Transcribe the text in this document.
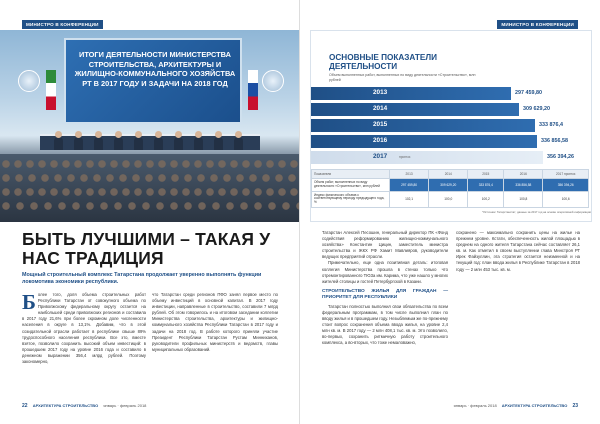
МИНИСТРО В КОНФЕРЕНЦИИ
ИТОГИ ДЕЯТЕЛЬНОСТИ МИНИСТЕРСТВА СТРОИТЕЛЬСТВА, АРХИТЕКТУРЫ И ЖИЛИЩНО-КОММУНАЛЬНОГО ХОЗЯЙСТВА РТ В 2017 ГОДУ И ЗАДАЧИ НА 2018 ГОД
БЫТЬ ЛУЧШИМИ – ТАКАЯ У НАС ТРАДИЦИЯ
Мощный строительный комплекс Татарстана продолжает уверенно выполнять функции локомотива экономики республики.
Более того, доля объема строительных работ Республики Татарстан от совокупного объема по Приволжскому федеральному округу остается на наибольшей среди приволжских регионов и составила в 2017 году 21,6% при более скромном доле численности населения в округе в 13,1%. Добавим, что в этой созидательной отрасли работает в республике свыше 89% трудоспособного населения республики. Все это, вместе взятое, позволило сохранить высокий объем инвестиций: в прошедшем 2017 году на уровне 2016 года и составило в денежном выражении 356,4 млрд рублей. Поэтому закономерно,

что Татарстан среди регионов ПФО занял первое место по объему инвестиций в основной капитал. В 2017 году инвестиции, направленные в строительство, составили 7 млрд рублей. Об этом говорилось и на итоговом заседании коллегии Министерства строительства, архитектуры и жилищно-коммунального хозяйства Республики Татарстан в 2017 году и задачи на 2018 год. В работе которого приняли участие Президент Республики Татарстан Рустам Минниханов, руководители профильных министерств и ведомств, главы муниципальных образований.

22 АРХИТЕКТУРА СТРОИТЕЛЬСТВО январь · февраль 2018
МИНИСТРО В КОНФЕРЕНЦИИ
ОСНОВНЫЕ ПОКАЗАТЕЛИ ДЕЯТЕЛЬНОСТИ
Объем выполненных работ, выполненных по виду деятельности «Строительство», млн рублей
2013	297 459,80
2014	309 629,20
2015	333 876,4
2016	336 856,58
2017	прогноз	356 394,26
Показатели	2013	2014	2015	2016	2017 прогноз
Объем работ, выполненных по виду деятельности «Строительство», млн рублей	297 459,80	309 629,20	333 876,4	336 856,58	356 394,26
Индекс физического объема к соответствующему периоду предыдущего года, %	102,1	100,0	100,2	100,8	100,6
*Источник: Татарстанстат; данные за 2017 год на основе оперативной информации

Татарстан Алексей Песошин, генеральный директор ПК «Фонд содействия реформированию жилищно-коммунального хозяйства» Константин Цицин, заместитель министра строительства и ЖКХ РФ Хамит Мавлияров, руководители ведущих предприятий отрасли.

Примечательно, еще одна позитивная деталь: итоговая коллегия Министерства прошла в стенах только что отремонтированного ТЮЗа им. Карима, что уже нашло у многих жителей столицы и гостей Петербургской в Казани.

СТРОИТЕЛЬСТВО ЖИЛЬЯ ДЛЯ ГРАЖДАН — ПРИОРИТЕТ ДЛЯ РЕСПУБЛИКИ

Татарстан полностью выполнил свои обязательства по всем федеральным программам, в том числе выполнил план по вводу жилья и в прошедшем году. Незыблемым же по-прежнему стоит вопрос сохранения объема ввода жилья, на уровне 2,4 млн кв. м. В 2017 году — 2 млн 408,1 тыс. кв. м. Это позволило, во-первых, сохранить ритмичную работу строительного комплекса, а во-вторых, что тоже немаловажно,

сохранено — максимально сохранить цены на жилье на прежнем уровне. Кстати, обеспеченность жилой площадью в среднем на одного жителя Татарстана сейчас составляет 26,1 кв. м. Как отметил в своем выступлении глава Минстроя РТ Ирек Файзуллин, эта стратегия остается неизменной и на текущий год: план ввода жилья в Республике Татарстан в 2018 году — 2 млн 453 тыс. кв. м.

январь · февраль 2018 АРХИТЕКТУРА СТРОИТЕЛЬСТВО 23
